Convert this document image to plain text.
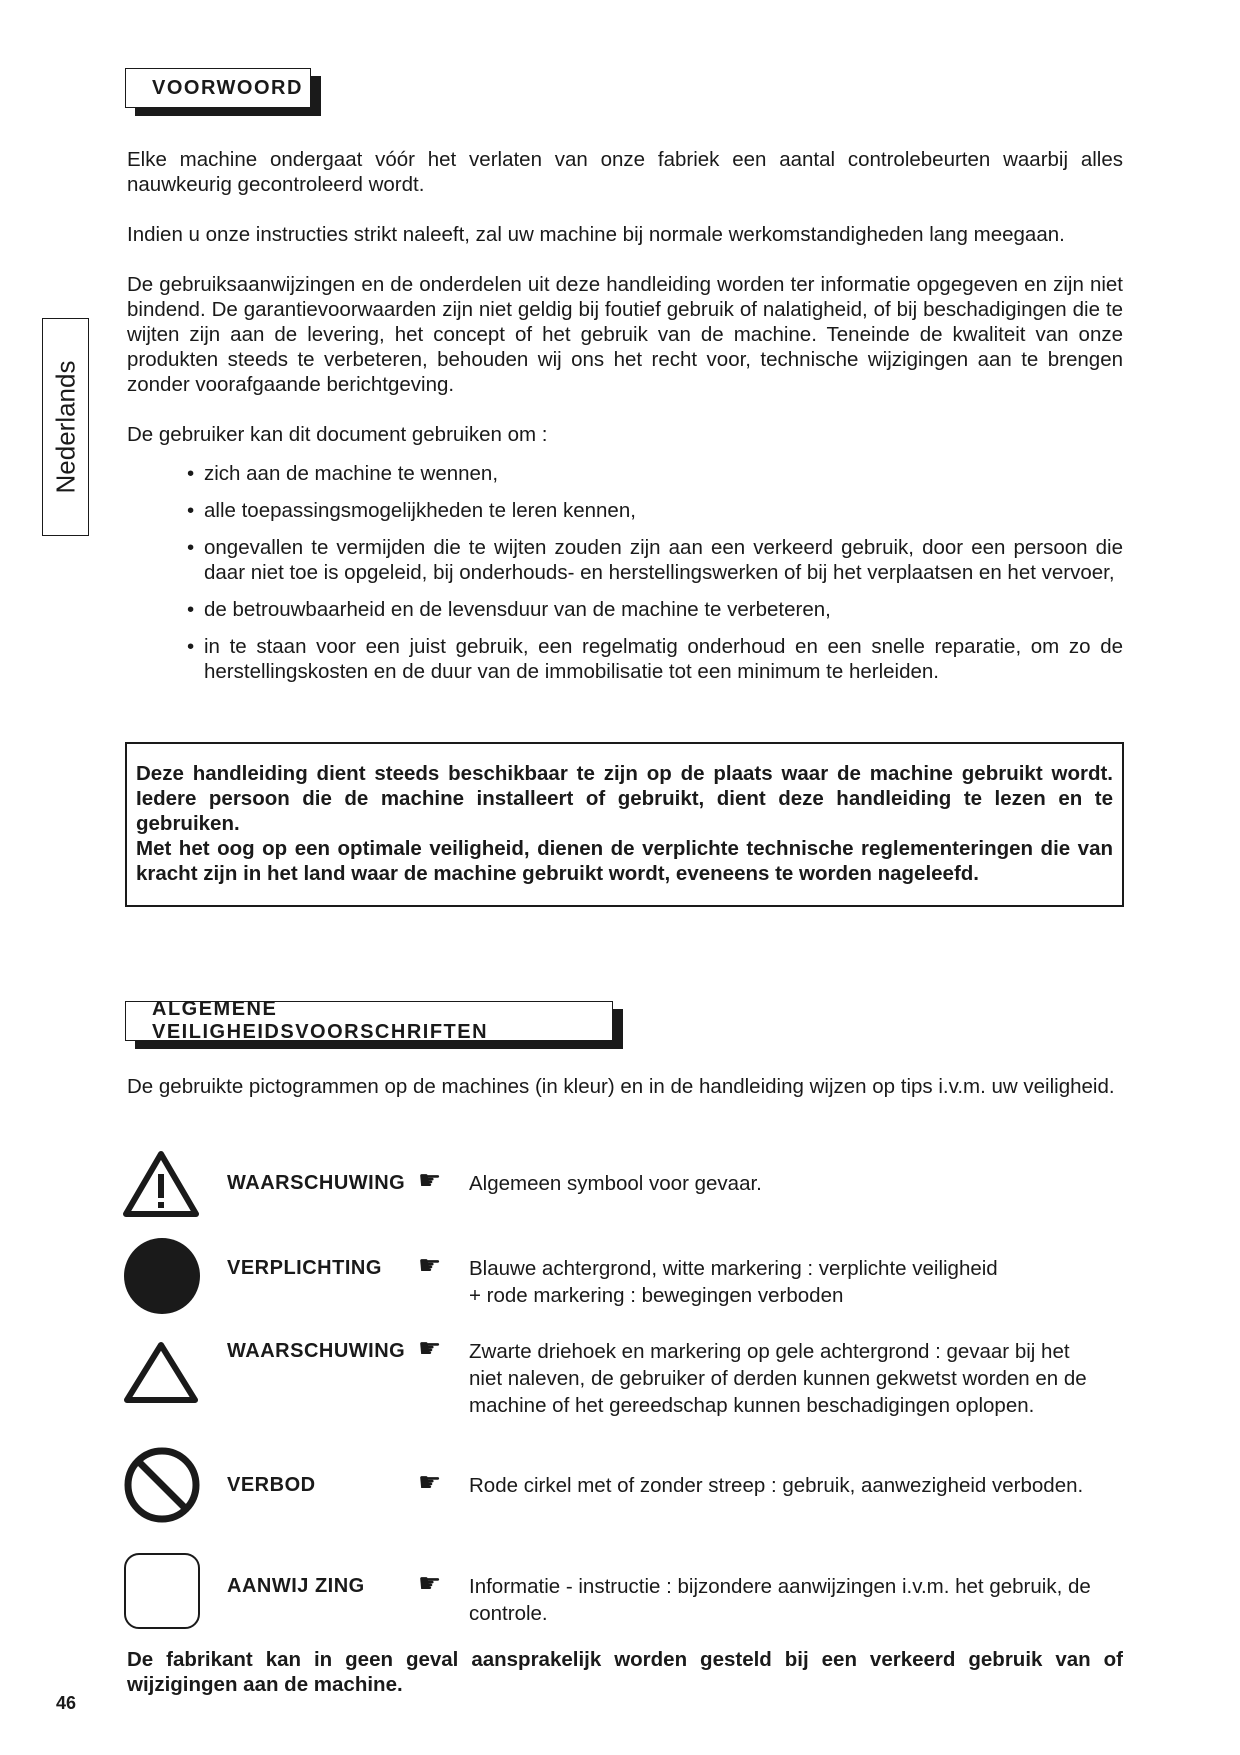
Nederlands
VOORWOORD

Elke machine ondergaat vóór het verlaten van onze fabriek een aantal controlebeurten waarbij alles nauwkeurig gecontroleerd wordt.

Indien u onze instructies strikt naleeft, zal uw machine bij normale werkomstandigheden lang meegaan.

De gebruiksaanwijzingen en de onderdelen uit deze handleiding worden ter informatie opgegeven en zijn niet bindend. De garantievoorwaarden zijn niet geldig bij foutief gebruik of nalatigheid, of bij beschadigingen die te wijten zijn aan de levering, het concept of het gebruik van de machine. Teneinde de kwaliteit van onze produkten steeds te verbeteren, behouden wij ons het recht voor, technische wijzigingen aan te brengen zonder voorafgaande berichtgeving.

De gebruiker kan dit document gebruiken om :

• zich aan de machine te wennen,
• alle toepassingsmogelijkheden te leren kennen,
• ongevallen te vermijden die te wijten zouden zijn aan een verkeerd gebruik, door een persoon die daar niet toe is opgeleid, bij onderhouds- en herstellingswerken of bij het verplaatsen en het vervoer,
• de betrouwbaarheid en de levensduur van de machine te verbeteren,
• in te staan voor een juist gebruik, een regelmatig onderhoud en een snelle reparatie, om zo de herstellingskosten en de duur van de immobilisatie tot een minimum te herleiden.

Deze handleiding dient steeds beschikbaar te zijn op de plaats waar de machine gebruikt wordt. Iedere persoon die de machine installeert of gebruikt, dient deze handleiding te lezen en te gebruiken.

Met het oog op een optimale veiligheid, dienen de verplichte technische reglementeringen die van kracht zijn in het land waar de machine gebruikt wordt, eveneens te worden nageleefd.

ALGEMENE VEILIGHEIDSVOORSCHRIFTEN

De gebruikte pictogrammen op de machines (in kleur) en in de handleiding wijzen op tips i.v.m. uw veiligheid.

WAARSCHUWING ☛ Algemeen symbool voor gevaar.

VERPLICHTING ☛ Blauwe achtergrond, witte markering : verplichte veiligheid
+ rode markering : bewegingen verboden

WAARSCHUWING ☛ Zwarte driehoek en markering op gele achtergrond : gevaar bij het
niet naleven, de gebruiker of derden kunnen gekwetst worden en de
machine of het gereedschap kunnen beschadigingen oplopen.

VERBOD	☛ Rode cirkel met of zonder streep : gebruik, aanwezigheid verboden.

AANWIJ ZING ☛ Informatie - instructie : bijzondere aanwijzingen i.v.m. het gebruik, de
controle.

De fabrikant kan in geen geval aansprakelijk worden gesteld bij een verkeerd gebruik van of wijzigingen aan de machine.

46
